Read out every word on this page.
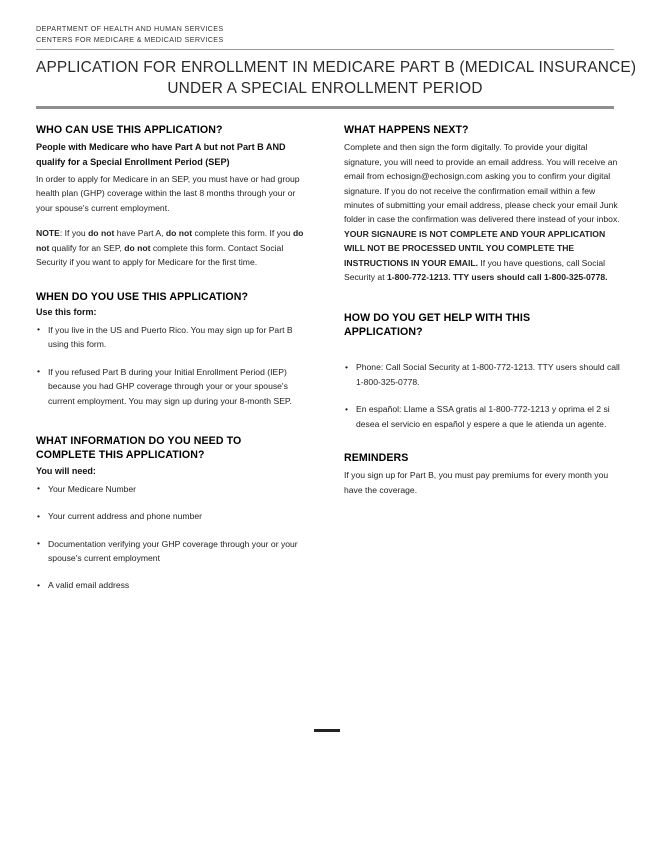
DEPARTMENT OF HEALTH AND HUMAN SERVICES
CENTERS FOR MEDICARE & MEDICAID SERVICES
APPLICATION FOR ENROLLMENT IN MEDICARE PART B (MEDICAL INSURANCE)
UNDER A SPECIAL ENROLLMENT PERIOD
WHO CAN USE THIS APPLICATION?
People with Medicare who have Part A but not Part B AND qualify for a Special Enrollment Period (SEP)

In order to apply for Medicare in an SEP, you must have or had group health plan (GHP) coverage within the last 8 months through your or your spouse's current employment.

NOTE: If you do not have Part A, do not complete this form. If you do not qualify for an SEP, do not complete this form. Contact Social Security if you want to apply for Medicare for the first time.

WHEN DO YOU USE THIS APPLICATION?
Use this form:
• If you live in the US and Puerto Rico. You may sign up for Part B using this form.
• If you refused Part B during your Initial Enrollment Period (IEP) because you had GHP coverage through your or your spouse's current employment. You may sign up during your 8-month SEP.
WHAT INFORMATION DO YOU NEED TO
COMPLETE THIS APPLICATION?
You will need:
• Your Medicare Number
• Your current address and phone number
• Documentation verifying your GHP coverage through your or your spouse's current employment
• A valid email address
WHAT HAPPENS NEXT?

Complete and then sign the form digitally. To provide your digital signature, you will need to provide an email address. You will receive an email from echosign@echosign.com asking you to confirm your digital signature. If you do not receive the confirmation email within a few minutes of submitting your email address, please check your email Junk folder in case the confirmation was delivered there instead of your inbox. YOUR SIGNAURE IS NOT COMPLETE AND YOUR APPLICATION WILL NOT BE PROCESSED UNTIL YOU COMPLETE THE INSTRUCTIONS IN YOUR EMAIL. If you have questions, call Social Security at 1-800-772-1213. TTY users should call 1-800-325-0778.

HOW DO YOU GET HELP WITH THIS
APPLICATION?
• Phone: Call Social Security at 1-800-772-1213. TTY users should call 1-800-325-0778.
• En español: Llame a SSA gratis al 1-800-772-1213 y oprima el 2 si desea el servicio en español y espere a que le atienda un agente.
REMINDERS

If you sign up for Part B, you must pay premiums for every month you have the coverage.
